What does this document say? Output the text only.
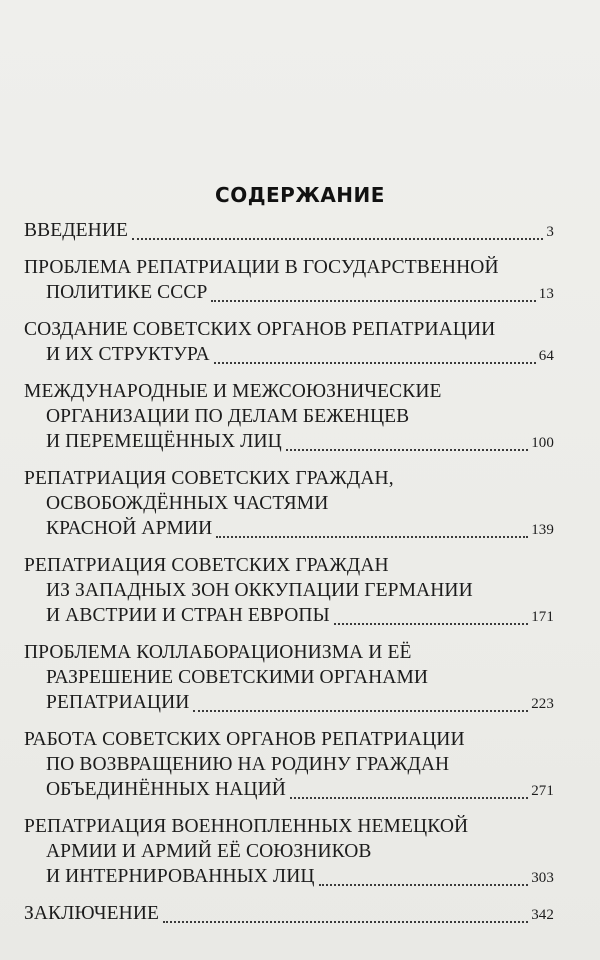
СОДЕРЖАНИЕ
ВВЕДЕНИЕ	3
ПРОБЛЕМА РЕПАТРИАЦИИ В ГОСУДАРСТВЕННОЙ
ПОЛИТИКЕ СССР	13
СОЗДАНИЕ СОВЕТСКИХ ОРГАНОВ РЕПАТРИАЦИИ
И ИХ СТРУКТУРА	64
МЕЖДУНАРОДНЫЕ И МЕЖСОЮЗНИЧЕСКИЕ
ОРГАНИЗАЦИИ ПО ДЕЛАМ БЕЖЕНЦЕВ
И ПЕРЕМЕЩЁННЫХ ЛИЦ	100
РЕПАТРИАЦИЯ СОВЕТСКИХ ГРАЖДАН,
ОСВОБОЖДЁННЫХ ЧАСТЯМИ
КРАСНОЙ АРМИИ	139
РЕПАТРИАЦИЯ СОВЕТСКИХ ГРАЖДАН
ИЗ ЗАПАДНЫХ ЗОН ОККУПАЦИИ ГЕРМАНИИ
И АВСТРИИ И СТРАН ЕВРОПЫ	171
ПРОБЛЕМА КОЛЛАБОРАЦИОНИЗМА И ЕЁ
РАЗРЕШЕНИЕ СОВЕТСКИМИ ОРГАНАМИ
РЕПАТРИАЦИИ	223
РАБОТА СОВЕТСКИХ ОРГАНОВ РЕПАТРИАЦИИ
ПО ВОЗВРАЩЕНИЮ НА РОДИНУ ГРАЖДАН
ОБЪЕДИНЁННЫХ НАЦИЙ	271
РЕПАТРИАЦИЯ ВОЕННОПЛЕННЫХ НЕМЕЦКОЙ
АРМИИ И АРМИЙ ЕЁ СОЮЗНИКОВ
И ИНТЕРНИРОВАННЫХ ЛИЦ	303
ЗАКЛЮЧЕНИЕ	342
